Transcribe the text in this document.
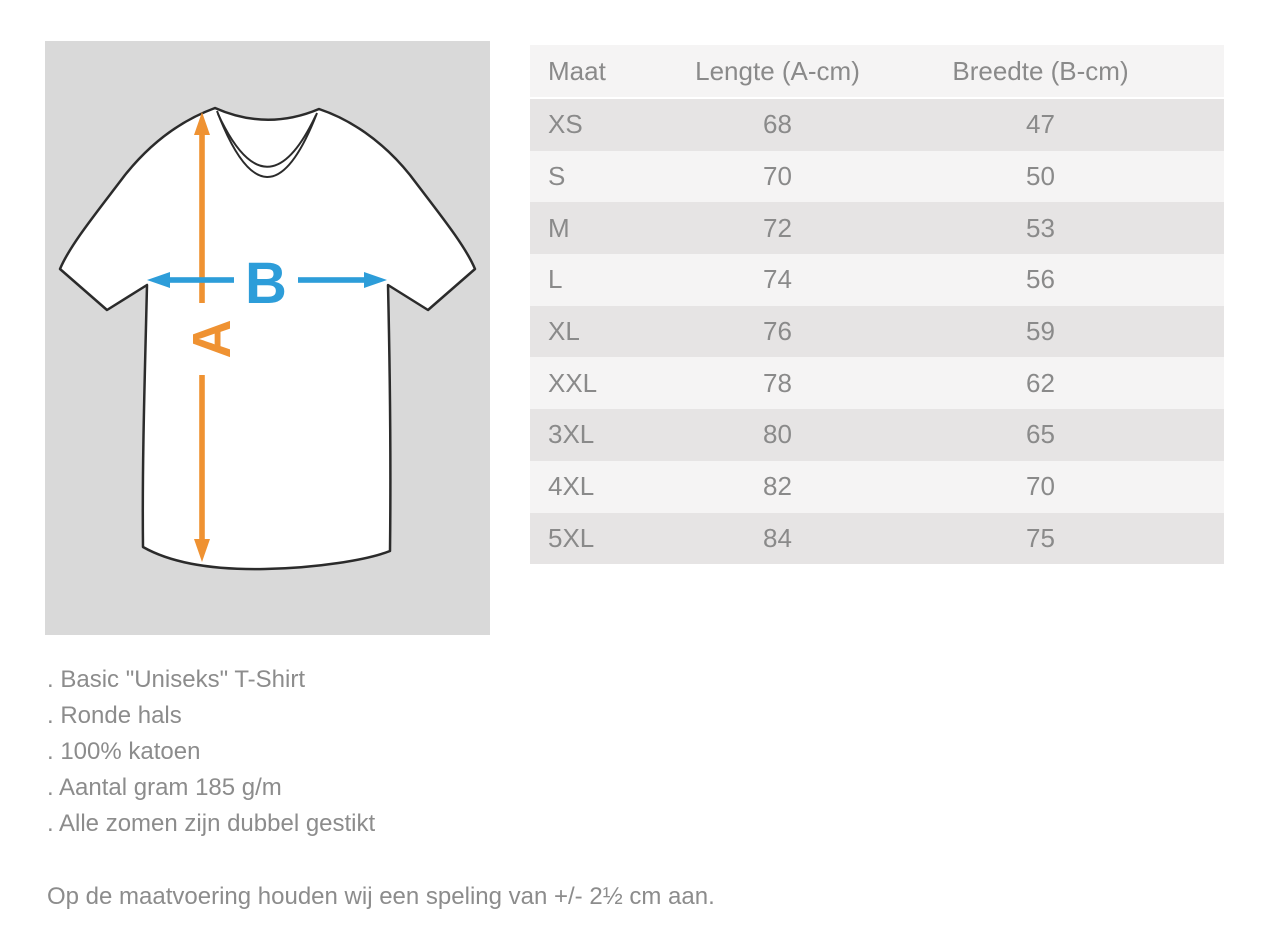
A
B
Maat	Lengte (A-cm)	Breedte (B-cm)
XS	68	47
S	70	50
M	72	53
L	74	56
XL	76	59
XXL	78	62
3XL	80	65
4XL	82	70
5XL	84	75
. Basic "Uniseks" T-Shirt
. Ronde hals
. 100% katoen
. Aantal gram 185 g/m
. Alle zomen zijn dubbel gestikt

Op de maatvoering houden wij een speling van +/- 2½ cm aan.
